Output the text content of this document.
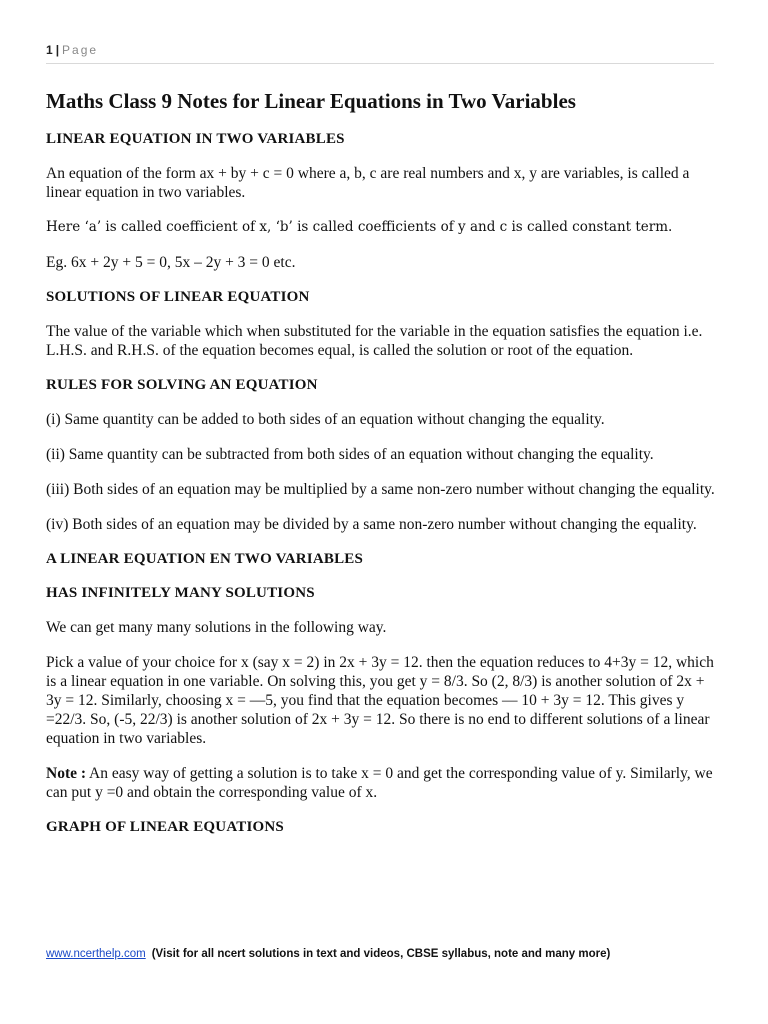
1 | Page
Maths Class 9 Notes for Linear Equations in Two Variables
LINEAR EQUATION IN TWO VARIABLES

An equation of the form ax + by + c = 0 where a, b, c are real numbers and x, y are variables, is called a linear equation in two variables.

Here ‘a’ is called coefficient of x, ‘b’ is called coefficients of y and c is called constant term.

Eg. 6x + 2y + 5 = 0, 5x – 2y + 3 = 0 etc.

SOLUTIONS OF LINEAR EQUATION

The value of the variable which when substituted for the variable in the equation satisfies the equation i.e. L.H.S. and R.H.S. of the equation becomes equal, is called the solution or root of the equation.

RULES FOR SOLVING AN EQUATION

(i) Same quantity can be added to both sides of an equation without changing the equality.

(ii) Same quantity can be subtracted from both sides of an equation without changing the equality.

(iii) Both sides of an equation may be multiplied by a same non-zero number without changing the equality.

(iv) Both sides of an equation may be divided by a same non-zero number without changing the equality.

A LINEAR EQUATION EN TWO VARIABLES
HAS INFINITELY MANY SOLUTIONS

We can get many many solutions in the following way.

Pick a value of your choice for x (say x = 2) in 2x + 3y = 12. then the equation reduces to 4+3y = 12, which is a linear equation in one variable. On solving this, you get y = 8/3. So (2, 8/3) is another solution of 2x + 3y = 12. Similarly, choosing x = —5, you find that the equation becomes — 10 + 3y = 12. This gives y =22/3. So, (-5, 22/3) is another solution of 2x + 3y = 12. So there is no end to different solutions of a linear equation in two variables.

Note : An easy way of getting a solution is to take x = 0 and get the corresponding value of y. Similarly, we can put y =0 and obtain the corresponding value of x.

GRAPH OF LINEAR EQUATIONS
www.ncerthelp.com (Visit for all ncert solutions in text and videos, CBSE syllabus, note and many more)
